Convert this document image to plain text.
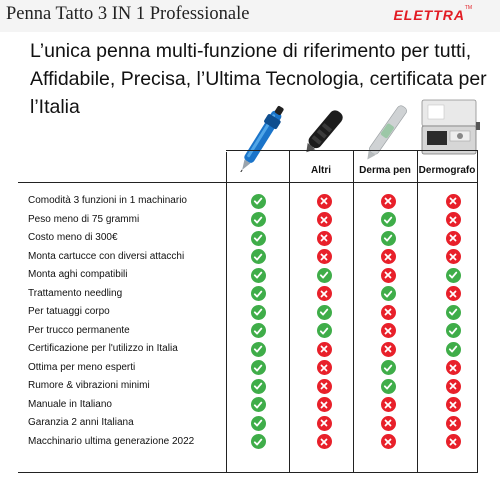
Penna Tatto 3 IN 1 Professionale	ELETTRA TM
L’unica penna multi-funzione di riferimento per tutti,
Affidabile, Precisa, l’Ultima Tecnologia, certificata per
l’Italia
Altri	Derma pen Dermografo
Comodità 3 funzioni in 1 machinario
Peso meno di 75 grammi
Costo meno di 300€
Monta cartucce con diversi attacchi
Monta aghi compatibili
Trattamento needling
Per tatuaggi corpo
Per trucco permanente
Certificazione per l'utilizzo in Italia
Ottima per meno esperti
Rumore & vibrazioni minimi
Manuale in Italiano
Garanzia 2 anni Italiana
Macchinario ultima generazione 2022
